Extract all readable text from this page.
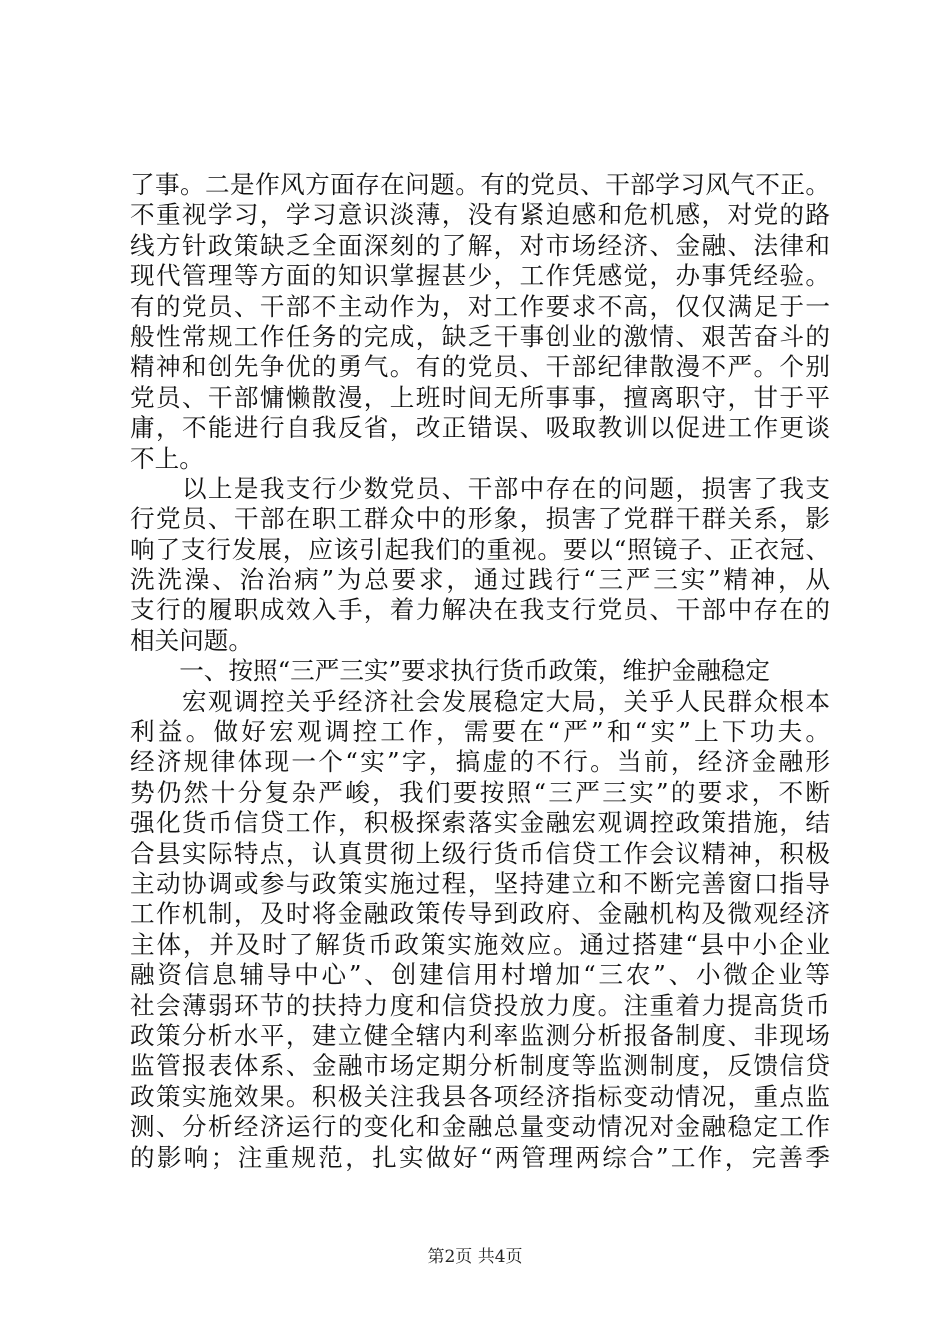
了事。二是作风方面存在问题。有的党员、干部学习风气不正。
不重视学习，学习意识淡薄，没有紧迫感和危机感，对党的路
线方针政策缺乏全面深刻的了解，对市场经济、金融、法律和
现代管理等方面的知识掌握甚少，工作凭感觉，办事凭经验。
有的党员、干部不主动作为，对工作要求不高，仅仅满足于一
般性常规工作任务的完成，缺乏干事创业的激情、艰苦奋斗的
精神和创先争优的勇气。有的党员、干部纪律散漫不严。个别
党员、干部慵懒散漫，上班时间无所事事，擅离职守，甘于平
庸，不能进行自我反省，改正错误、吸取教训以促进工作更谈
不上。
　　以上是我支行少数党员、干部中存在的问题，损害了我支
行党员、干部在职工群众中的形象，损害了党群干群关系，影
响了支行发展，应该引起我们的重视。要以“照镜子、正衣冠、
洗洗澡、治治病”为总要求，通过践行“三严三实”精神，从
支行的履职成效入手，着力解决在我支行党员、干部中存在的
相关问题。
　　一、按照“三严三实”要求执行货币政策，维护金融稳定
　　宏观调控关乎经济社会发展稳定大局，关乎人民群众根本
利益。做好宏观调控工作，需要在“严”和“实”上下功夫。
经济规律体现一个“实”字，搞虚的不行。当前，经济金融形
势仍然十分复杂严峻，我们要按照“三严三实”的要求，不断
强化货币信贷工作，积极探索落实金融宏观调控政策措施，结
合县实际特点，认真贯彻上级行货币信贷工作会议精神，积极
主动协调或参与政策实施过程，坚持建立和不断完善窗口指导
工作机制，及时将金融政策传导到政府、金融机构及微观经济
主体，并及时了解货币政策实施效应。通过搭建“县中小企业
融资信息辅导中心”、创建信用村增加“三农”、小微企业等
社会薄弱环节的扶持力度和信贷投放力度。注重着力提高货币
政策分析水平，建立健全辖内利率监测分析报备制度、非现场
监管报表体系、金融市场定期分析制度等监测制度，反馈信贷
政策实施效果。积极关注我县各项经济指标变动情况，重点监
测、分析经济运行的变化和金融总量变动情况对金融稳定工作
的影响；注重规范，扎实做好“两管理两综合”工作，完善季
第2页 共4页
